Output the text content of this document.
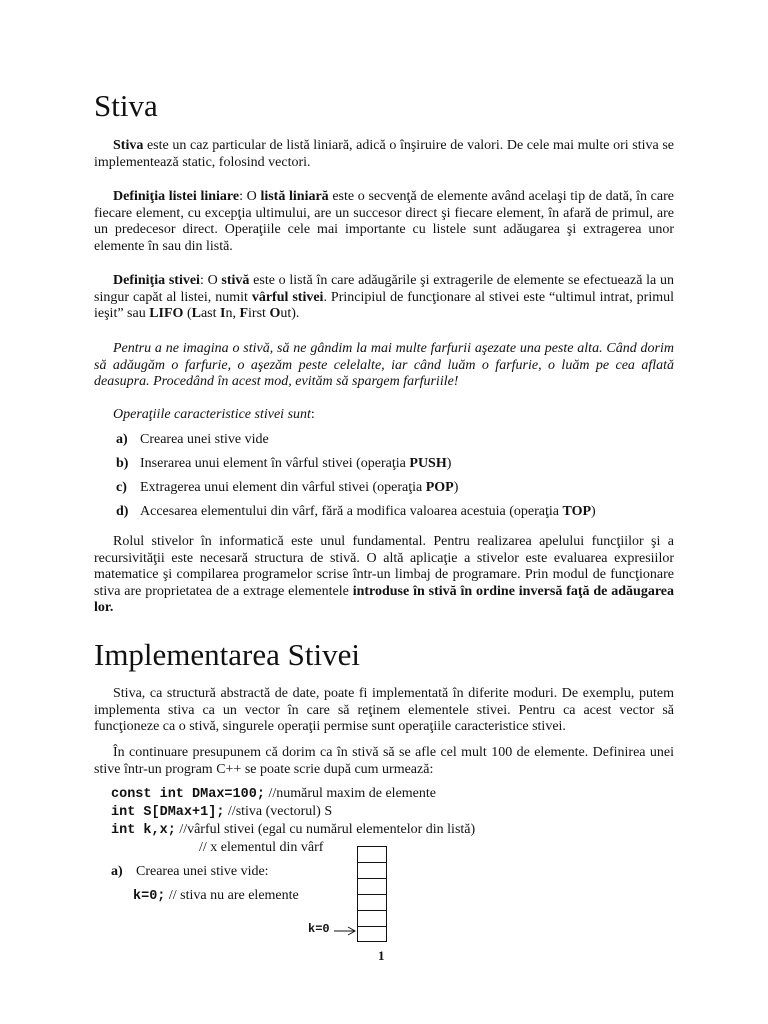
Stiva
Stiva este un caz particular de listă liniară, adică o înşiruire de valori. De cele mai multe ori stiva se implementează static, folosind vectori.
Definiţia listei liniare: O listă liniară este o secvenţă de elemente având acelaşi tip de dată, în care fiecare element, cu excepţia ultimului, are un succesor direct şi fiecare element, în afară de primul, are un predecesor direct. Operaţiile cele mai importante cu listele sunt adăugarea şi extragerea unor elemente în sau din listă.
Definiţia stivei: O stivă este o listă în care adăugările şi extragerile de elemente se efectuează la un singur capăt al listei, numit vârful stivei. Principiul de funcţionare al stivei este “ultimul intrat, primul ieşit” sau LIFO (Last In, First Out).
Pentru a ne imagina o stivă, să ne gândim la mai multe farfurii aşezate una peste alta. Când dorim să adăugăm o farfurie, o aşezăm peste celelalte, iar când luăm o farfurie, o luăm pe cea aflată deasupra. Procedând în acest mod, evităm să spargem farfuriile!
Operaţiile caracteristice stivei sunt:
a) Crearea unei stive vide
b) Inserarea unui element în vârful stivei (operaţia PUSH)
c) Extragerea unui element din vârful stivei (operaţia POP)
d) Accesarea elementului din vârf, fără a modifica valoarea acestuia (operaţia TOP)
Rolul stivelor în informatică este unul fundamental. Pentru realizarea apelului funcţiilor şi a recursivităţii este necesară structura de stivă. O altă aplicaţie a stivelor este evaluarea expresiilor matematice şi compilarea programelor scrise într-un limbaj de programare. Prin modul de funcţionare stiva are proprietatea de a extrage elementele introduse în stivă în ordine inversă faţă de adăugarea lor.
Implementarea Stivei
Stiva, ca structură abstractă de date, poate fi implementată în diferite moduri. De exemplu, putem implementa stiva ca un vector în care să reţinem elementele stivei. Pentru ca acest vector să funcţioneze ca o stivă, singurele operaţii permise sunt operaţiile caracteristice stivei.
În continuare presupunem că dorim ca în stivă să se afle cel mult 100 de elemente. Definirea unei stive într-un program C++ se poate scrie după cum urmează:
const int DMax=100; //numărul maxim de elemente
int S[DMax+1]; //stiva (vectorul) S
int k,x; //vârful stivei (egal cu numărul elementelor din listă)
// x elementul din vârf
a) Crearea unei stive vide:
k=0; // stiva nu are elemente
k=0
1
